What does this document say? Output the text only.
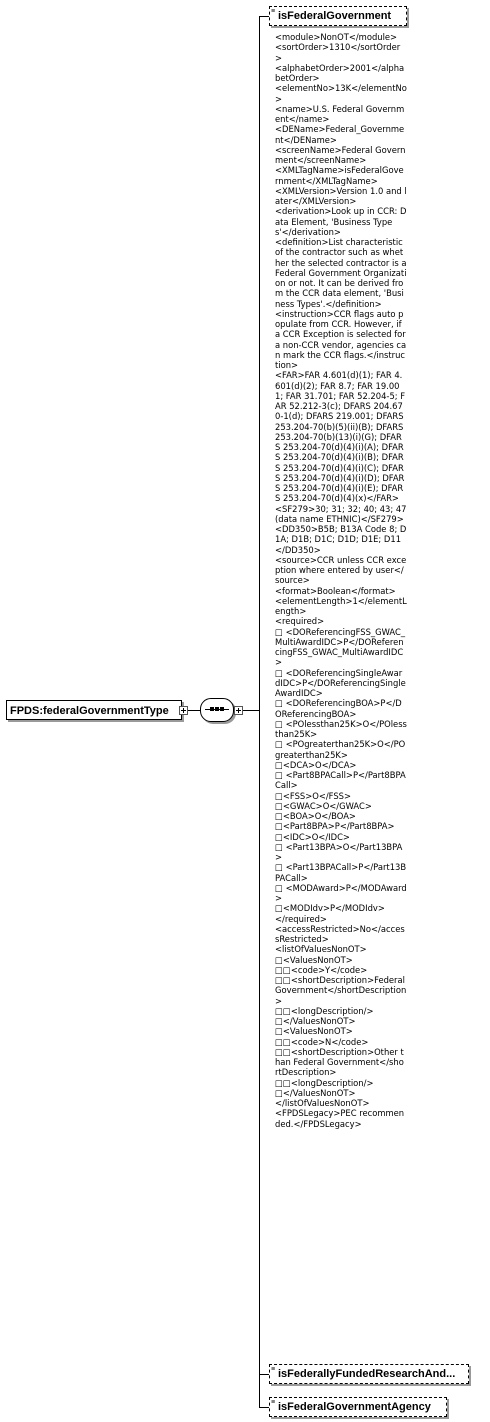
FPDS:federalGovernmentType
≡ isFederalGovernment
<module>NonOT</module>
<sortOrder>1310</sortOrder>
<alphabetOrder>2001</alphabetOrder>
<elementNo>13K</elementNo>
<name>U.S. Federal Government</name>
<DEName>Federal_Government</DEName>
<screenName>Federal Government</screenName>
<XMLTagName>isFederalGovernment</XMLTagName>
<XMLVersion>Version 1.0 and later</XMLVersion>
<derivation>Look up in CCR: Data Element, 'Business Types'</derivation>
<definition>List characteristic of the contractor such as whether the selected contractor is a Federal Government Organization or not. It can be derived from the CCR data element, 'Business Types'.</definition>
<instruction>CCR flags auto populate from CCR. However, if a CCR Exception is selected for a non-CCR vendor, agencies can mark the CCR flags.</instruction>
<FAR>FAR 4.601(d)(1); FAR 4.601(d)(2); FAR 8.7; FAR 19.001; FAR 31.701; FAR 52.204-5; FAR 52.212-3(c); DFARS 204.670-1(d); DFARS 219.001; DFARS 253.204-70(b)(5)(ii)(B); DFARS 253.204-70(b)(13)(i)(G); DFARS 253.204-70(d)(4)(i)(A); DFARS 253.204-70(d)(4)(i)(B); DFARS 253.204-70(d)(4)(i)(C); DFARS 253.204-70(d)(4)(i)(D); DFARS 253.204-70(d)(4)(i)(E); DFARS 253.204-70(d)(4)(x)</FAR>
<SF279>30; 31; 32; 40; 43; 47 (data name ETHNIC)</SF279>
<DD350>B5B; B13A Code 8; D1A; D1B; D1C; D1D; D1E; D11</DD350>
<source>CCR unless CCR exception where entered by user</source>
<format>Boolean</format>
<elementLength>1</elementLength>
<required>
□ <DOReferencingFSS_GWAC_MultiAwardIDC>P</DOReferencingFSS_GWAC_MultiAwardIDC>
□ <DOReferencingSingleAwardIDC>P</DOReferencingSingleAwardIDC>
□ <DOReferencingBOA>P</DOReferencingBOA>
□ <POlessthan25K>O</POlessthan25K>
□ <POgreaterthan25K>O</POgreaterthan25K>
□<DCA>O</DCA>
□ <Part8BPACall>P</Part8BPACall>
□<FSS>O</FSS>
□<GWAC>O</GWAC>
□<BOA>O</BOA>
□<Part8BPA>P</Part8BPA>
□<IDC>O</IDC>
□ <Part13BPA>O</Part13BPA>
□ <Part13BPACall>P</Part13BPACall>
□ <MODAward>P</MODAward>
□<MODIdv>P</MODIdv>
</required>
<accessRestricted>No</accessRestricted>
<listOfValuesNonOT>
□<ValuesNonOT>
□□<code>Y</code>
□□<shortDescription>Federal Government</shortDescription>
□□<longDescription/>
□</ValuesNonOT>
□<ValuesNonOT>
□□<code>N</code>
□□<shortDescription>Other than Federal Government</shortDescription>
□□<longDescription/>
□</ValuesNonOT>
</listOfValuesNonOT>
<FPDSLegacy>PEC recommended.</FPDSLegacy>
≡ isFederallyFundedResearchAnd...
≡ isFederalGovernmentAgency
